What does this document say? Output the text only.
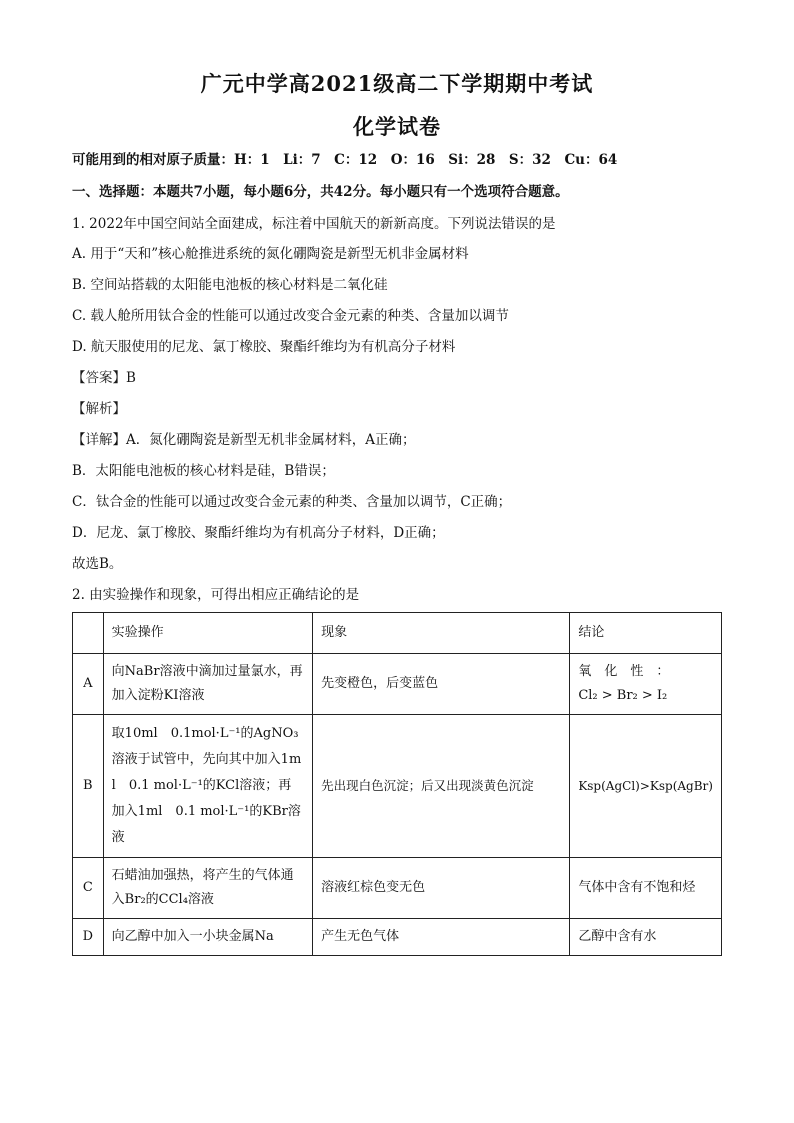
广元中学高2021级高二下学期期中考试
化学试卷
可能用到的相对原子质量：H：1　Li：7　C：12　O：16　Si：28　S：32　Cu：64
一、选择题：本题共7小题，每小题6分，共42分。每小题只有一个选项符合题意。
1. 2022年中国空间站全面建成，标注着中国航天的新新高度。下列说法错误的是
A. 用于“天和”核心舱推进系统的氮化硼陶瓷是新型无机非金属材料
B. 空间站搭载的太阳能电池板的核心材料是二氧化硅
C. 载人舱所用钛合金的性能可以通过改变合金元素的种类、含量加以调节
D. 航天服使用的尼龙、氯丁橡胶、聚酯纤维均为有机高分子材料
【答案】B
【解析】
【详解】A．氮化硼陶瓷是新型无机非金属材料，A正确；
B．太阳能电池板的核心材料是硅，B错误；
C．钛合金的性能可以通过改变合金元素的种类、含量加以调节，C正确；
D．尼龙、氯丁橡胶、聚酯纤维均为有机高分子材料，D正确；
故选B。
2. 由实验操作和现象，可得出相应正确结论的是
	实验操作	现象	结论
A	向NaBr溶液中滴加过量氯水，再加入淀粉KI溶液	先变橙色，后变蓝色	氧　化　性　：
Cl₂ > Br₂ > I₂

B	取10ml　0.1mol·L⁻¹的AgNO₃溶液于试管中，先向其中加入1ml　0.1 mol·L⁻¹的KCl溶液；再加入1ml　0.1 mol·L⁻¹的KBr溶液	先出现白色沉淀；后又出现淡黄色沉淀	Ksp(AgCl)>Ksp(AgBr)
C	石蜡油加强热，将产生的气体通入Br₂的CCl₄溶液	溶液红棕色变无色	气体中含有不饱和烃
D	向乙醇中加入一小块金属Na	产生无色气体	乙醇中含有水
